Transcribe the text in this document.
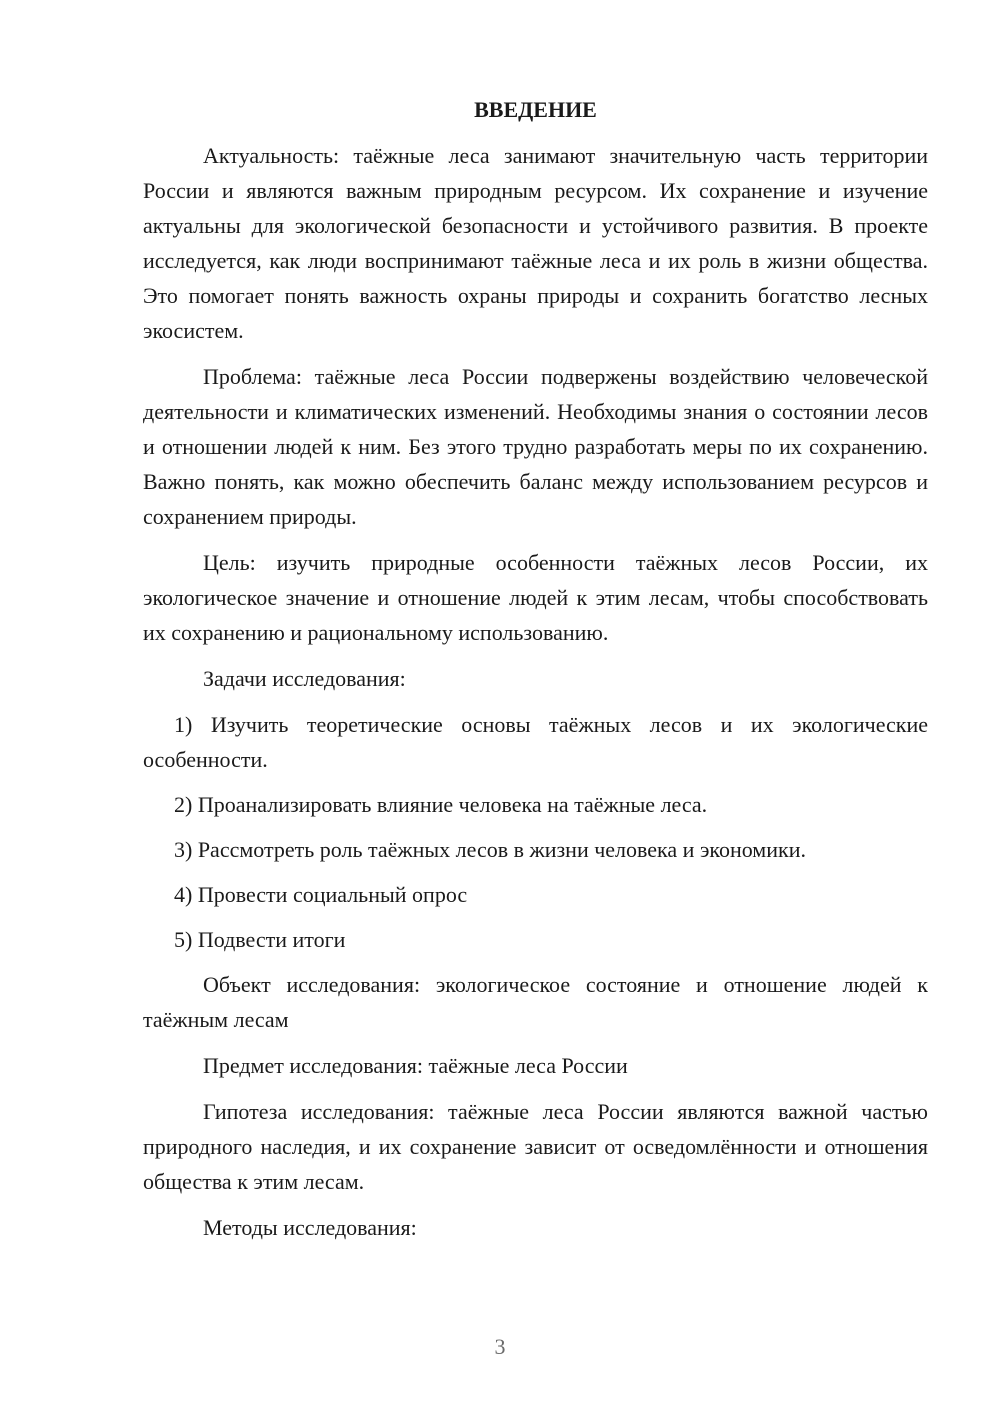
ВВЕДЕНИЕ

Актуальность: таёжные леса занимают значительную часть территории России и являются важным природным ресурсом. Их сохранение и изучение актуальны для экологической безопасности и устойчивого развития. В проекте исследуется, как люди воспринимают таёжные леса и их роль в жизни общества. Это помогает понять важность охраны природы и сохранить богатство лесных экосистем.

Проблема: таёжные леса России подвержены воздействию человеческой деятельности и климатических изменений. Необходимы знания о состоянии лесов и отношении людей к ним. Без этого трудно разработать меры по их сохранению. Важно понять, как можно обеспечить баланс между использованием ресурсов и сохранением природы.

Цель: изучить природные особенности таёжных лесов России, их экологическое значение и отношение людей к этим лесам, чтобы способствовать их сохранению и рациональному использованию.

Задачи исследования:

1) Изучить теоретические основы таёжных лесов и их экологические особенности.

2) Проанализировать влияние человека на таёжные леса.

3) Рассмотреть роль таёжных лесов в жизни человека и экономики.

4) Провести социальный опрос

5) Подвести итоги

Объект исследования: экологическое состояние и отношение людей к таёжным лесам

Предмет исследования: таёжные леса России

Гипотеза исследования: таёжные леса России являются важной частью природного наследия, и их сохранение зависит от осведомлённости и отношения общества к этим лесам.

Методы исследования:

3
